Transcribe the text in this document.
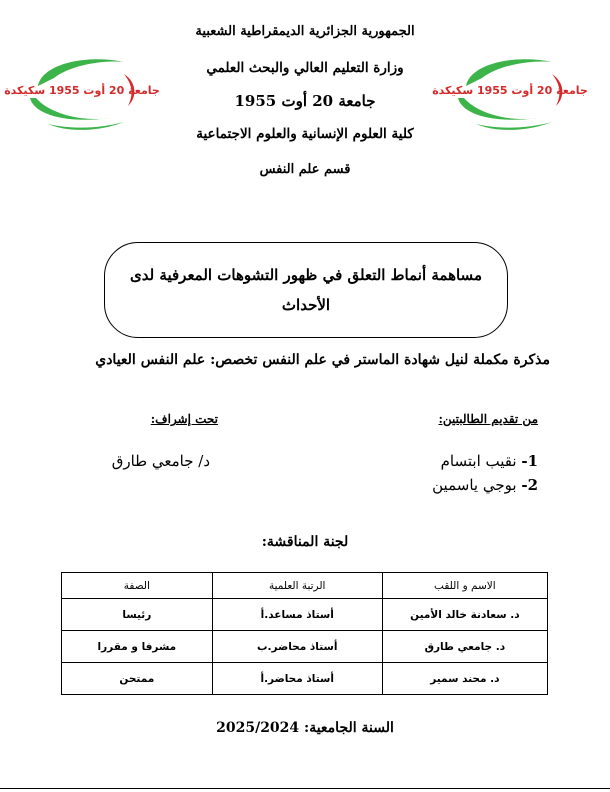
الجمهورية الجزائرية الديمقراطية الشعبية
وزارة التعليم العالي والبحث العلمي
جامعة 20 أوت 1955
كلية العلوم الإنسانية والعلوم الاجتماعية
قسم علم النفس
جامعة 20 أوت 1955 سكيكدة	جامعة 20 أوت 1955 سكيكدة
مساهمة أنماط التعلق في ظهور التشوهات المعرفية لدى الأحداث
مذكرة مكملة لنيل شهادة الماستر في علم النفس تخصص: علم النفس العيادي
من تقديم الطالبتين:
1- نقيب ابتسام
2- بوجي ياسمين
تحت إشراف:
د/ جامعي طارق
لجنة المناقشة:
الاسم و اللقب	الرتبة العلمية	الصفة
د. سعادنة خالد الأمين	أستاذ مساعد.أ	رئيسا
د. جامعي طارق	أستاذ محاضر.ب	مشرفا و مقررا
د. محند سمير	أستاذ محاضر.أ	ممتحن
السنة الجامعية: 2025/2024
